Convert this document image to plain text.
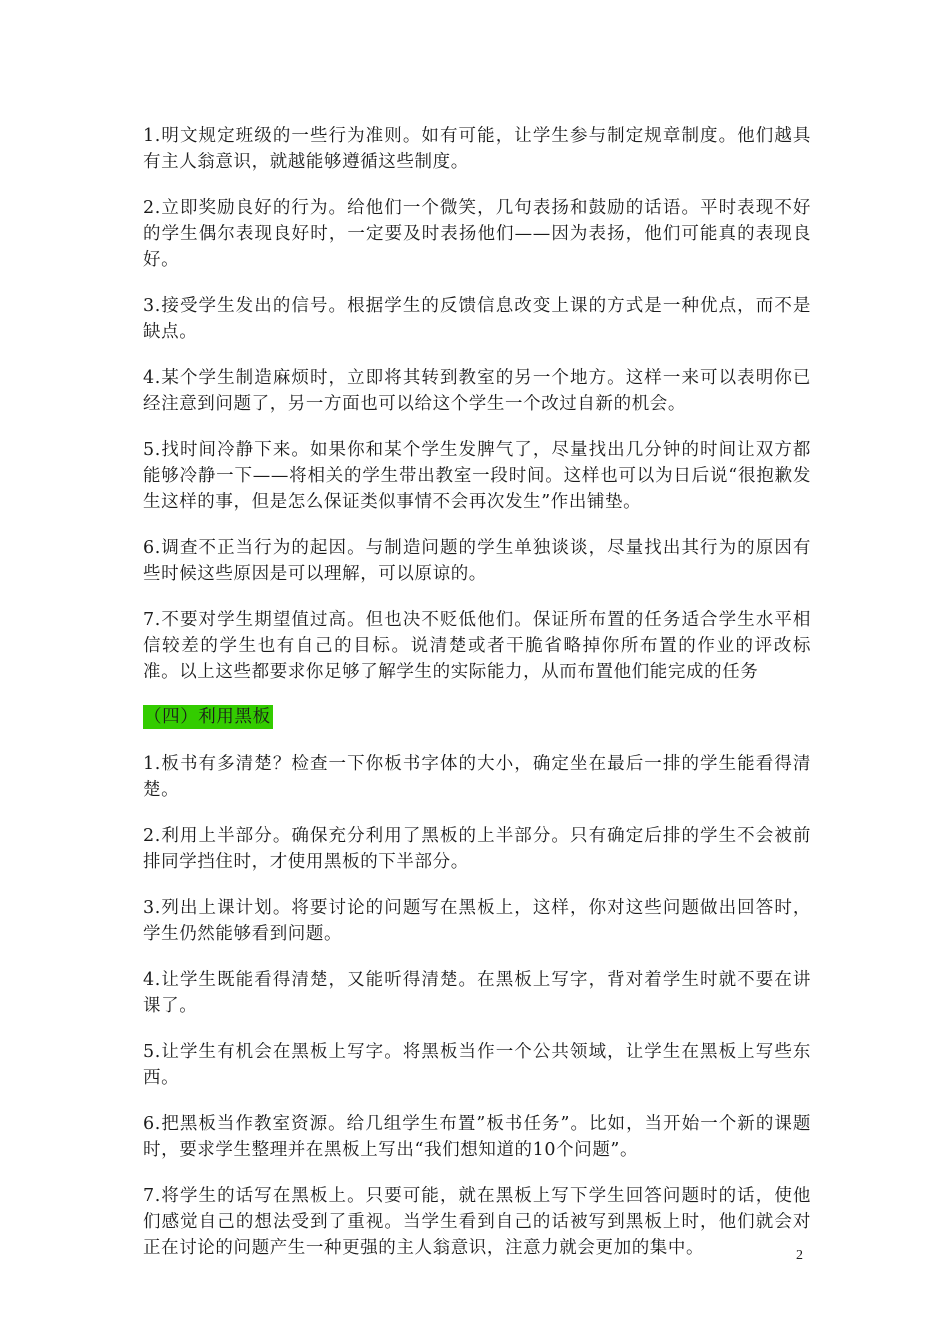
1.明文规定班级的一些行为准则。如有可能，让学生参与制定规章制度。他们越具有主人翁意识，就越能够遵循这些制度。

2.立即奖励良好的行为。给他们一个微笑，几句表扬和鼓励的话语。平时表现不好的学生偶尔表现良好时，一定要及时表扬他们——因为表扬，他们可能真的表现良好。

3.接受学生发出的信号。根据学生的反馈信息改变上课的方式是一种优点，而不是缺点。

4.某个学生制造麻烦时，立即将其转到教室的另一个地方。这样一来可以表明你已经注意到问题了，另一方面也可以给这个学生一个改过自新的机会。

5.找时间冷静下来。如果你和某个学生发脾气了，尽量找出几分钟的时间让双方都能够冷静一下——将相关的学生带出教室一段时间。这样也可以为日后说“很抱歉发生这样的事，但是怎么保证类似事情不会再次发生”作出铺垫。

6.调查不正当行为的起因。与制造问题的学生单独谈谈，尽量找出其行为的原因有些时候这些原因是可以理解，可以原谅的。

7.不要对学生期望值过高。但也决不贬低他们。保证所布置的任务适合学生水平相信较差的学生也有自己的目标。说清楚或者干脆省略掉你所布置的作业的评改标准。以上这些都要求你足够了解学生的实际能力，从而布置他们能完成的任务

（四）利用黑板

1.板书有多清楚？检查一下你板书字体的大小，确定坐在最后一排的学生能看得清楚。

2.利用上半部分。确保充分利用了黑板的上半部分。只有确定后排的学生不会被前排同学挡住时，才使用黑板的下半部分。

3.列出上课计划。将要讨论的问题写在黑板上，这样，你对这些问题做出回答时，学生仍然能够看到问题。

4.让学生既能看得清楚，又能听得清楚。在黑板上写字，背对着学生时就不要在讲课了。

5.让学生有机会在黑板上写字。将黑板当作一个公共领域，让学生在黑板上写些东西。

6.把黑板当作教室资源。给几组学生布置”板书任务”。比如，当开始一个新的课题时，要求学生整理并在黑板上写出“我们想知道的10个问题”。

7.将学生的话写在黑板上。只要可能，就在黑板上写下学生回答问题时的话，使他们感觉自己的想法受到了重视。当学生看到自己的话被写到黑板上时，他们就会对正在讨论的问题产生一种更强的主人翁意识，注意力就会更加的集中。	2
